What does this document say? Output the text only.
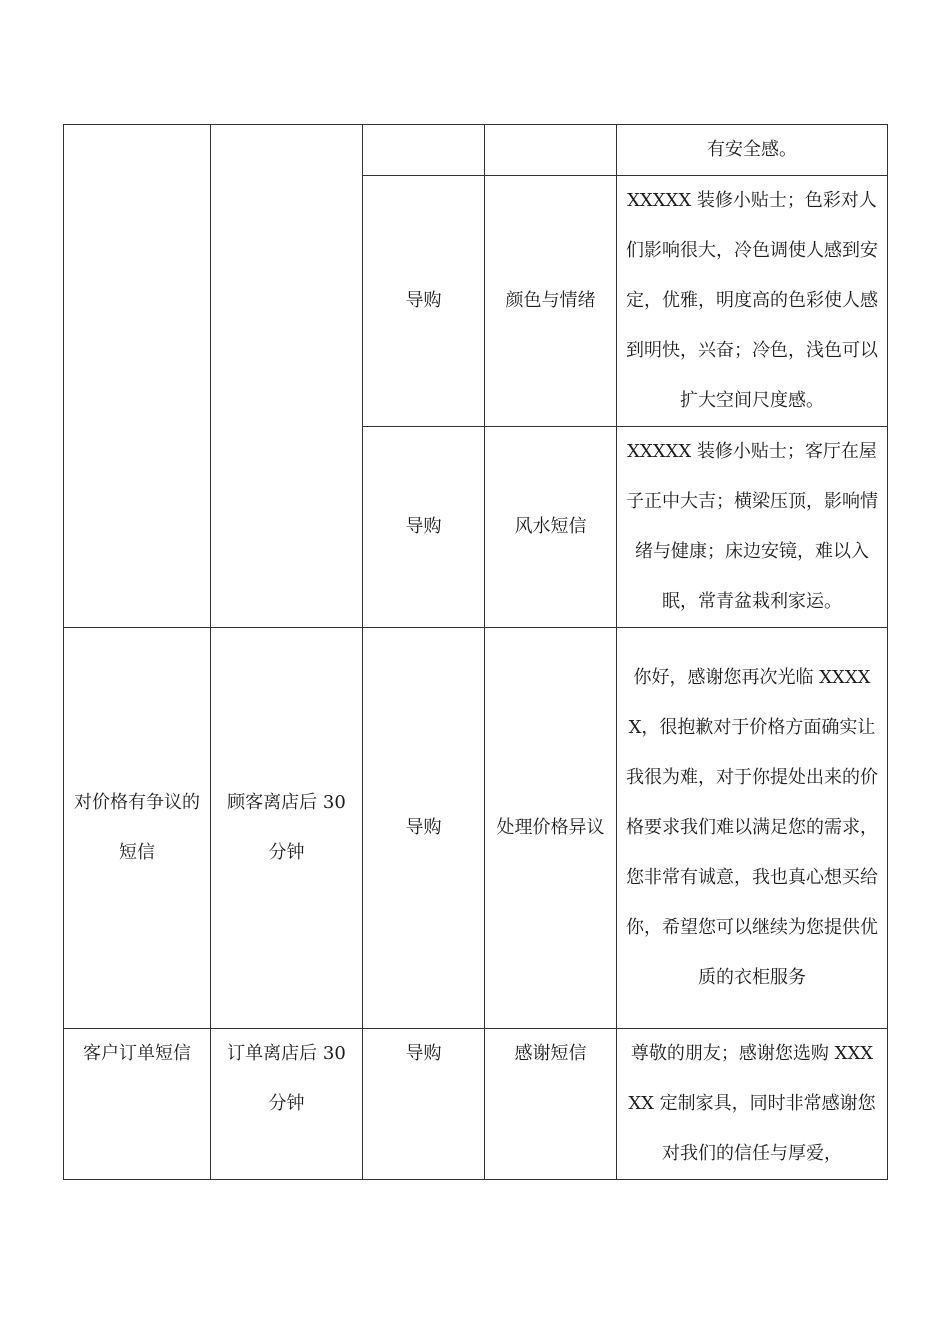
				有安全感。
		导购	颜色与情绪	XXXXX 装修小贴士；色彩对人们影响很大，冷色调使人感到安定，优雅，明度高的色彩使人感到明快，兴奋；冷色，浅色可以扩大空间尺度感。
		导购	风水短信	XXXXX 装修小贴士；客厅在屋子正中大吉；横梁压顶，影响情绪与健康；床边安镜，难以入眠，常青盆栽利家运。
对价格有争议的短信	顾客离店后 30 分钟	导购	处理价格异议	你好，感谢您再次光临 XXXXX，很抱歉对于价格方面确实让我很为难，对于你提处出来的价格要求我们难以满足您的需求，您非常有诚意，我也真心想买给你，希望您可以继续为您提供优质的衣柜服务
客户订单短信	订单离店后 30 分钟	导购	感谢短信	尊敬的朋友；感谢您选购 XXXXX 定制家具，同时非常感谢您对我们的信任与厚爱，
